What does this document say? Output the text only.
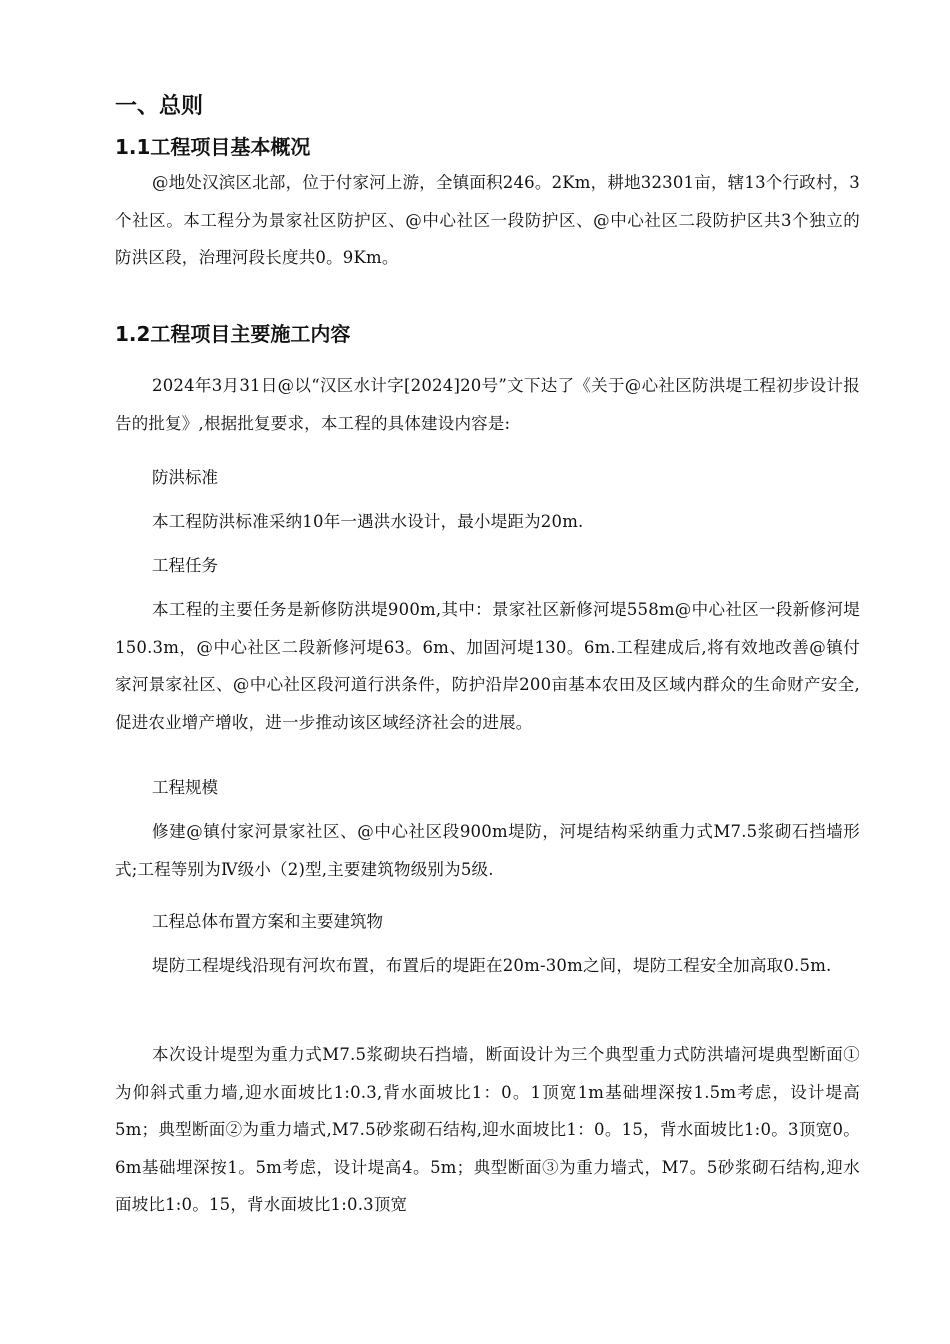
一、总则
1.1工程项目基本概况

@地处汉滨区北部，位于付家河上游，全镇面积246。2Km，耕地32301亩，辖13个行政村，3个社区。本工程分为景家社区防护区、@中心社区一段防护区、@中心社区二段防护区共3个独立的防洪区段，治理河段长度共0。9Km。

1.2工程项目主要施工内容

2024年3月31日@以“汉区水计字[2024]20号”文下达了《关于@心社区防洪堤工程初步设计报告的批复》,根据批复要求，本工程的具体建设内容是:

防洪标准

本工程防洪标准采纳10年一遇洪水设计，最小堤距为20m.

工程任务

本工程的主要任务是新修防洪堤900m,其中：景家社区新修河堤558m@中心社区一段新修河堤150.3m，@中心社区二段新修河堤63。6m、加固河堤130。6m.工程建成后,将有效地改善@镇付家河景家社区、@中心社区段河道行洪条件，防护沿岸200亩基本农田及区域内群众的生命财产安全,促进农业增产增收，进一步推动该区域经济社会的进展。

工程规模

修建@镇付家河景家社区、@中心社区段900m堤防，河堤结构采纳重力式M7.5浆砌石挡墙形式;工程等别为Ⅳ级小（2)型,主要建筑物级别为5级.

工程总体布置方案和主要建筑物

堤防工程堤线沿现有河坎布置，布置后的堤距在20m-30m之间，堤防工程安全加高取0.5m.

本次设计堤型为重力式M7.5浆砌块石挡墙，断面设计为三个典型重力式防洪墙河堤典型断面①为仰斜式重力墙,迎水面坡比1:0.3,背水面坡比1：0。1顶宽1m基础埋深按1.5m考虑，设计堤高5m；典型断面②为重力墙式,M7.5砂浆砌石结构,迎水面坡比1：0。15，背水面坡比1:0。3顶宽0。6m基础埋深按1。5m考虑，设计堤高4。5m；典型断面③为重力墙式，M7。5砂浆砌石结构,迎水面坡比1:0。15，背水面坡比1:0.3顶宽
